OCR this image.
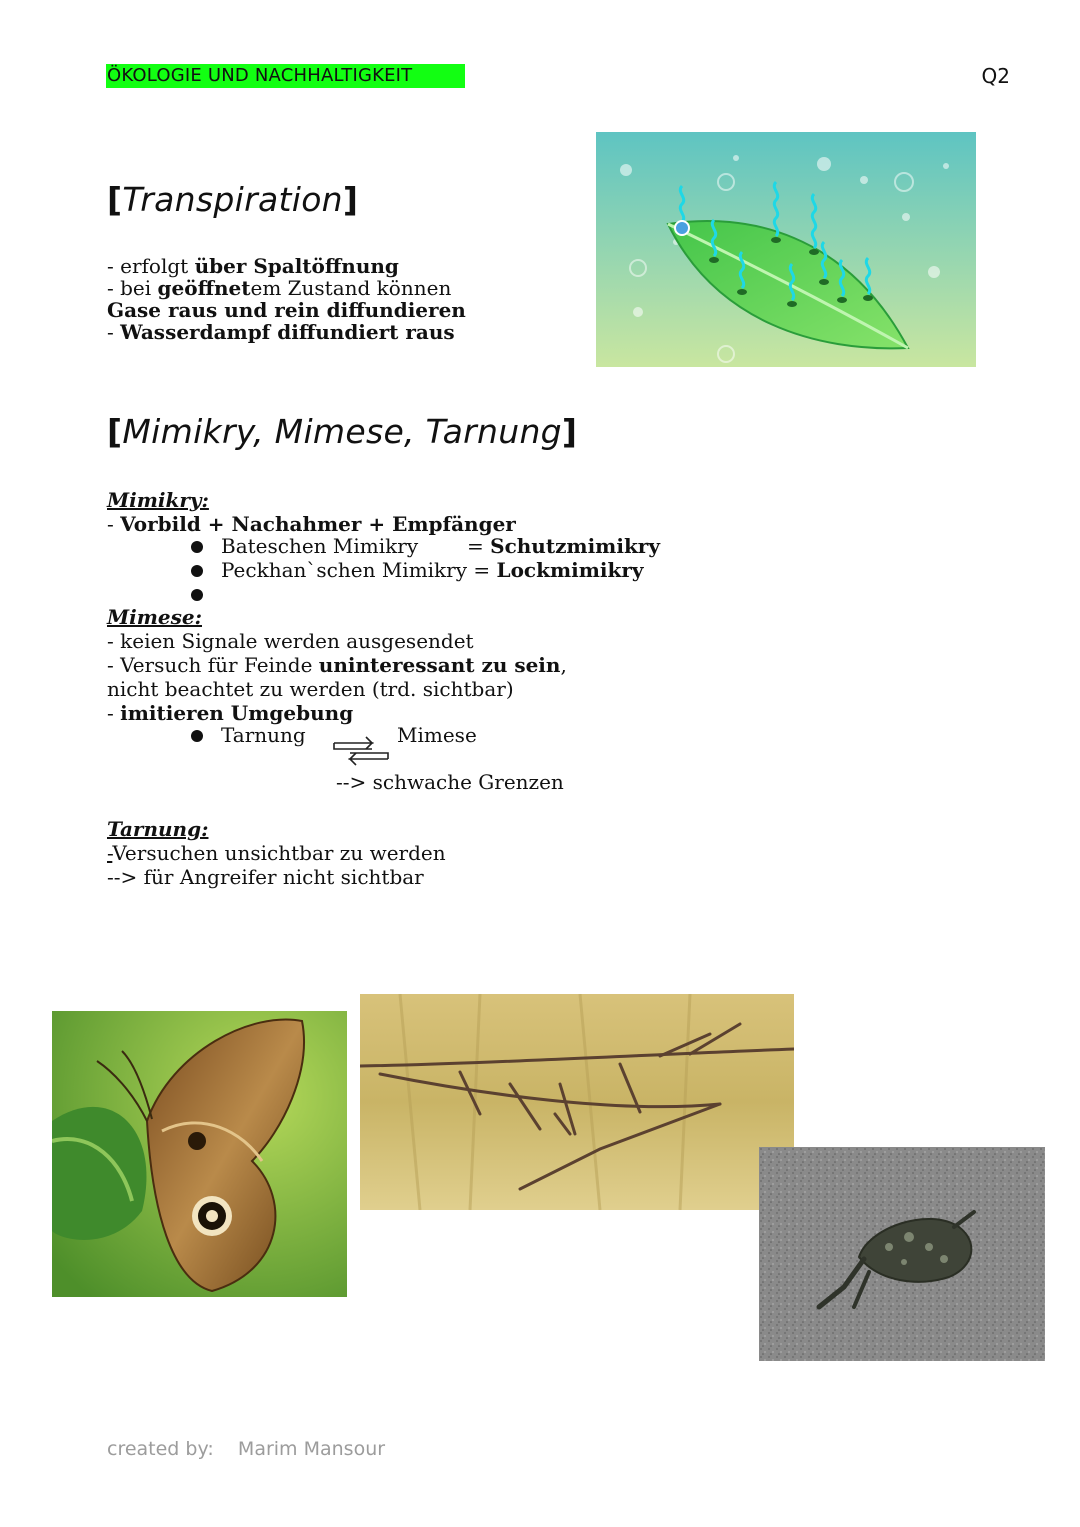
ÖKOLOGIE UND NACHHALTIGKEIT	Q2
[Transpiration]
- erfolgt über Spaltöffnung
- bei geöffnetem Zustand können
Gase raus und rein diffundieren
- Wasserdampf diffundiert raus
[Mimikry, Mimese, Tarnung]
Mimikry:
- Vorbild + Nachahmer + Empfänger
Bateschen Mimikry = Schutzmimikry
Peckhan`schen Mimikry = Lockmimikry
Mimese:
- keien Signale werden ausgesendet
- Versuch für Feinde uninteressant zu sein,
nicht beachtet zu werden (trd. sichtbar)
- imitieren Umgebung
Tarnung	Mimese
--> schwache Grenzen
Tarnung:
-Versuchen unsichtbar zu werden
--> für Angreifer nicht sichtbar
created by: Marim Mansour
